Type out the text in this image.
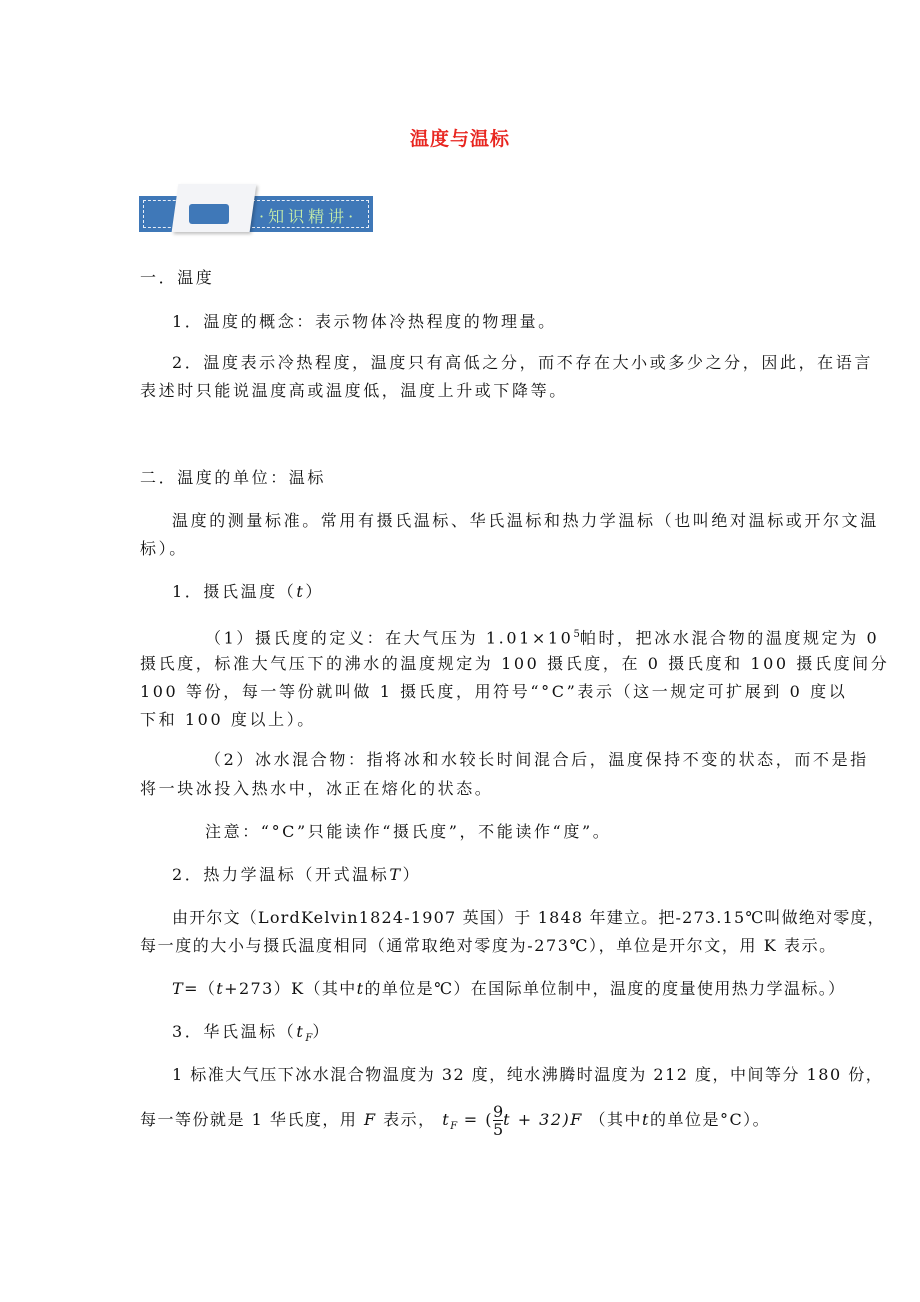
温度与温标
·知识精讲·
一．温度
1．温度的概念：表示物体冷热程度的物理量。
2．温度表示冷热程度，温度只有高低之分，而不存在大小或多少之分，因此，在语言
表述时只能说温度高或温度低，温度上升或下降等。
二．温度的单位：温标
温度的测量标准。常用有摄氏温标、华氏温标和热力学温标（也叫绝对温标或开尔文温
标）。
1．摄氏温度（t）
（1）摄氏度的定义：在大气压为 $1.01\times 10^5$帕时，把冰水混合物的温度规定为 0
摄氏度，标准大气压下的沸水的温度规定为 100 摄氏度，在 0 摄氏度和 100 摄氏度间分
100 等份，每一等份就叫做 1 摄氏度，用符号“°C”表示（这一规定可扩展到 0 度以
下和 100 度以上）。
（2）冰水混合物：指将冰和水较长时间混合后，温度保持不变的状态，而不是指
将一块冰投入热水中，冰正在熔化的状态。
注意：“°C”只能读作“摄氏度”，不能读作“度”。
2．热力学温标（开式温标T）
由开尔文（LordKelvin1824-1907 英国）于 1848 年建立。把-273.15℃叫做绝对零度，
每一度的大小与摄氏温度相同（通常取绝对零度为-273℃），单位是开尔文，用 K 表示。
T=（t+273）K（其中t的单位是℃）在国际单位制中，温度的度量使用热力学温标。）
3．华氏温标$(t_F)$
1 标准大气压下冰水混合物温度为 32 度，纯水沸腾时温度为 212 度，中间等分 180 份，
每一等份就是 1 华氏度，用 F 表示， $t_F$ = ( $\frac{9}{5}$ t + 32)F （其中t的单位是°C）。
